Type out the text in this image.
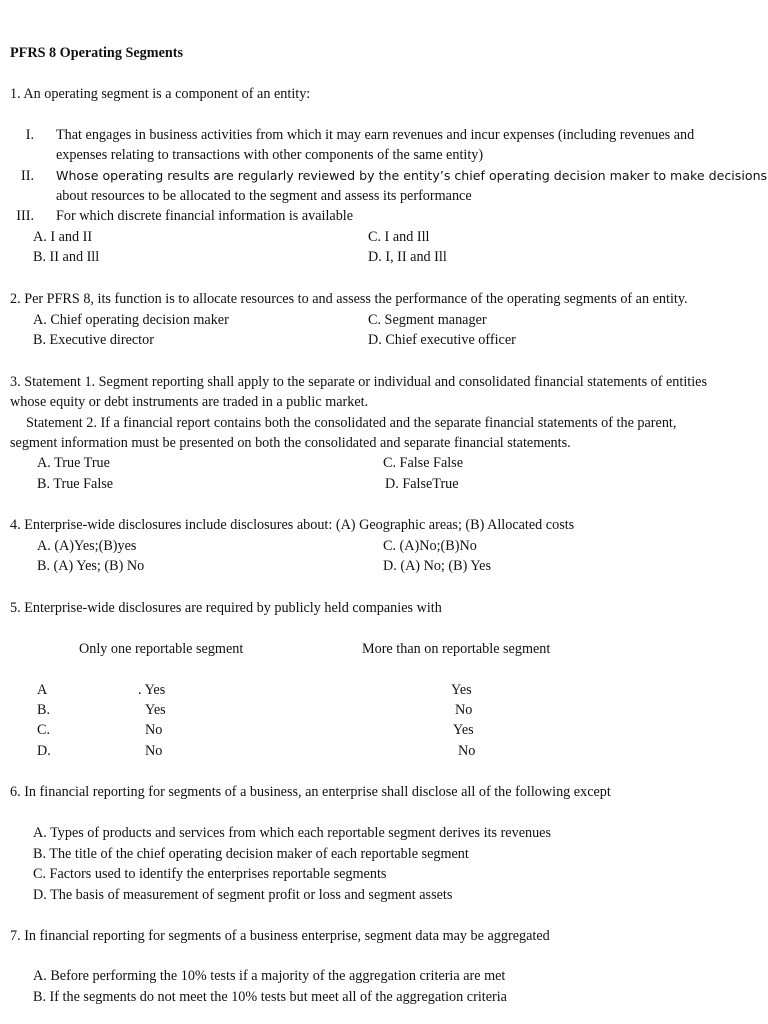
PFRS 8 Operating Segments
1. An operating segment is a component of an entity:
I. That engages in business activities from which it may earn revenues and incur expenses (including revenues and
expenses relating to transactions with other components of the same entity)
II. Whose operating results are regularly reviewed by the entity’s chief operating decision maker to make decisions
about resources to be allocated to the segment and assess its performance
III. For which discrete financial information is available
A. I and II	C. I and Ill
B. II and Ill	D. I, II and Ill
2. Per PFRS 8, its function is to allocate resources to and assess the performance of the operating segments of an entity.
A. Chief operating decision maker	C. Segment manager
B. Executive director	D. Chief executive officer
3. Statement 1. Segment reporting shall apply to the separate or individual and consolidated financial statements of entities
whose equity or debt instruments are traded in a public market.
Statement 2. If a financial report contains both the consolidated and the separate financial statements of the parent,
segment information must be presented on both the consolidated and separate financial statements.
A. True True	C. False False
B. True False	D. FalseTrue
4. Enterprise-wide disclosures include disclosures about: (A) Geographic areas; (B) Allocated costs
A. (A)Yes;(Β)yes	C. (A)No;(B)No
B. (A) Yes; (B) No	D. (A) No; (B) Yes
5. Enterprise-wide disclosures are required by publicly held companies with
Only one reportable segment	More than on reportable segment
A	. Yes	Yes
B.	Yes	No
C.	No	Yes
D.	No	No
6. In financial reporting for segments of a business, an enterprise shall disclose all of the following except
A. Types of products and services from which each reportable segment derives its revenues
B. The title of the chief operating decision maker of each reportable segment
C. Factors used to identify the enterprises reportable segments
D. The basis of measurement of segment profit or loss and segment assets
7. In financial reporting for segments of a business enterprise, segment data may be aggregated
A. Before performing the 10% tests if a majority of the aggregation criteria are met
B. If the segments do not meet the 10% tests but meet all of the aggregation criteria
